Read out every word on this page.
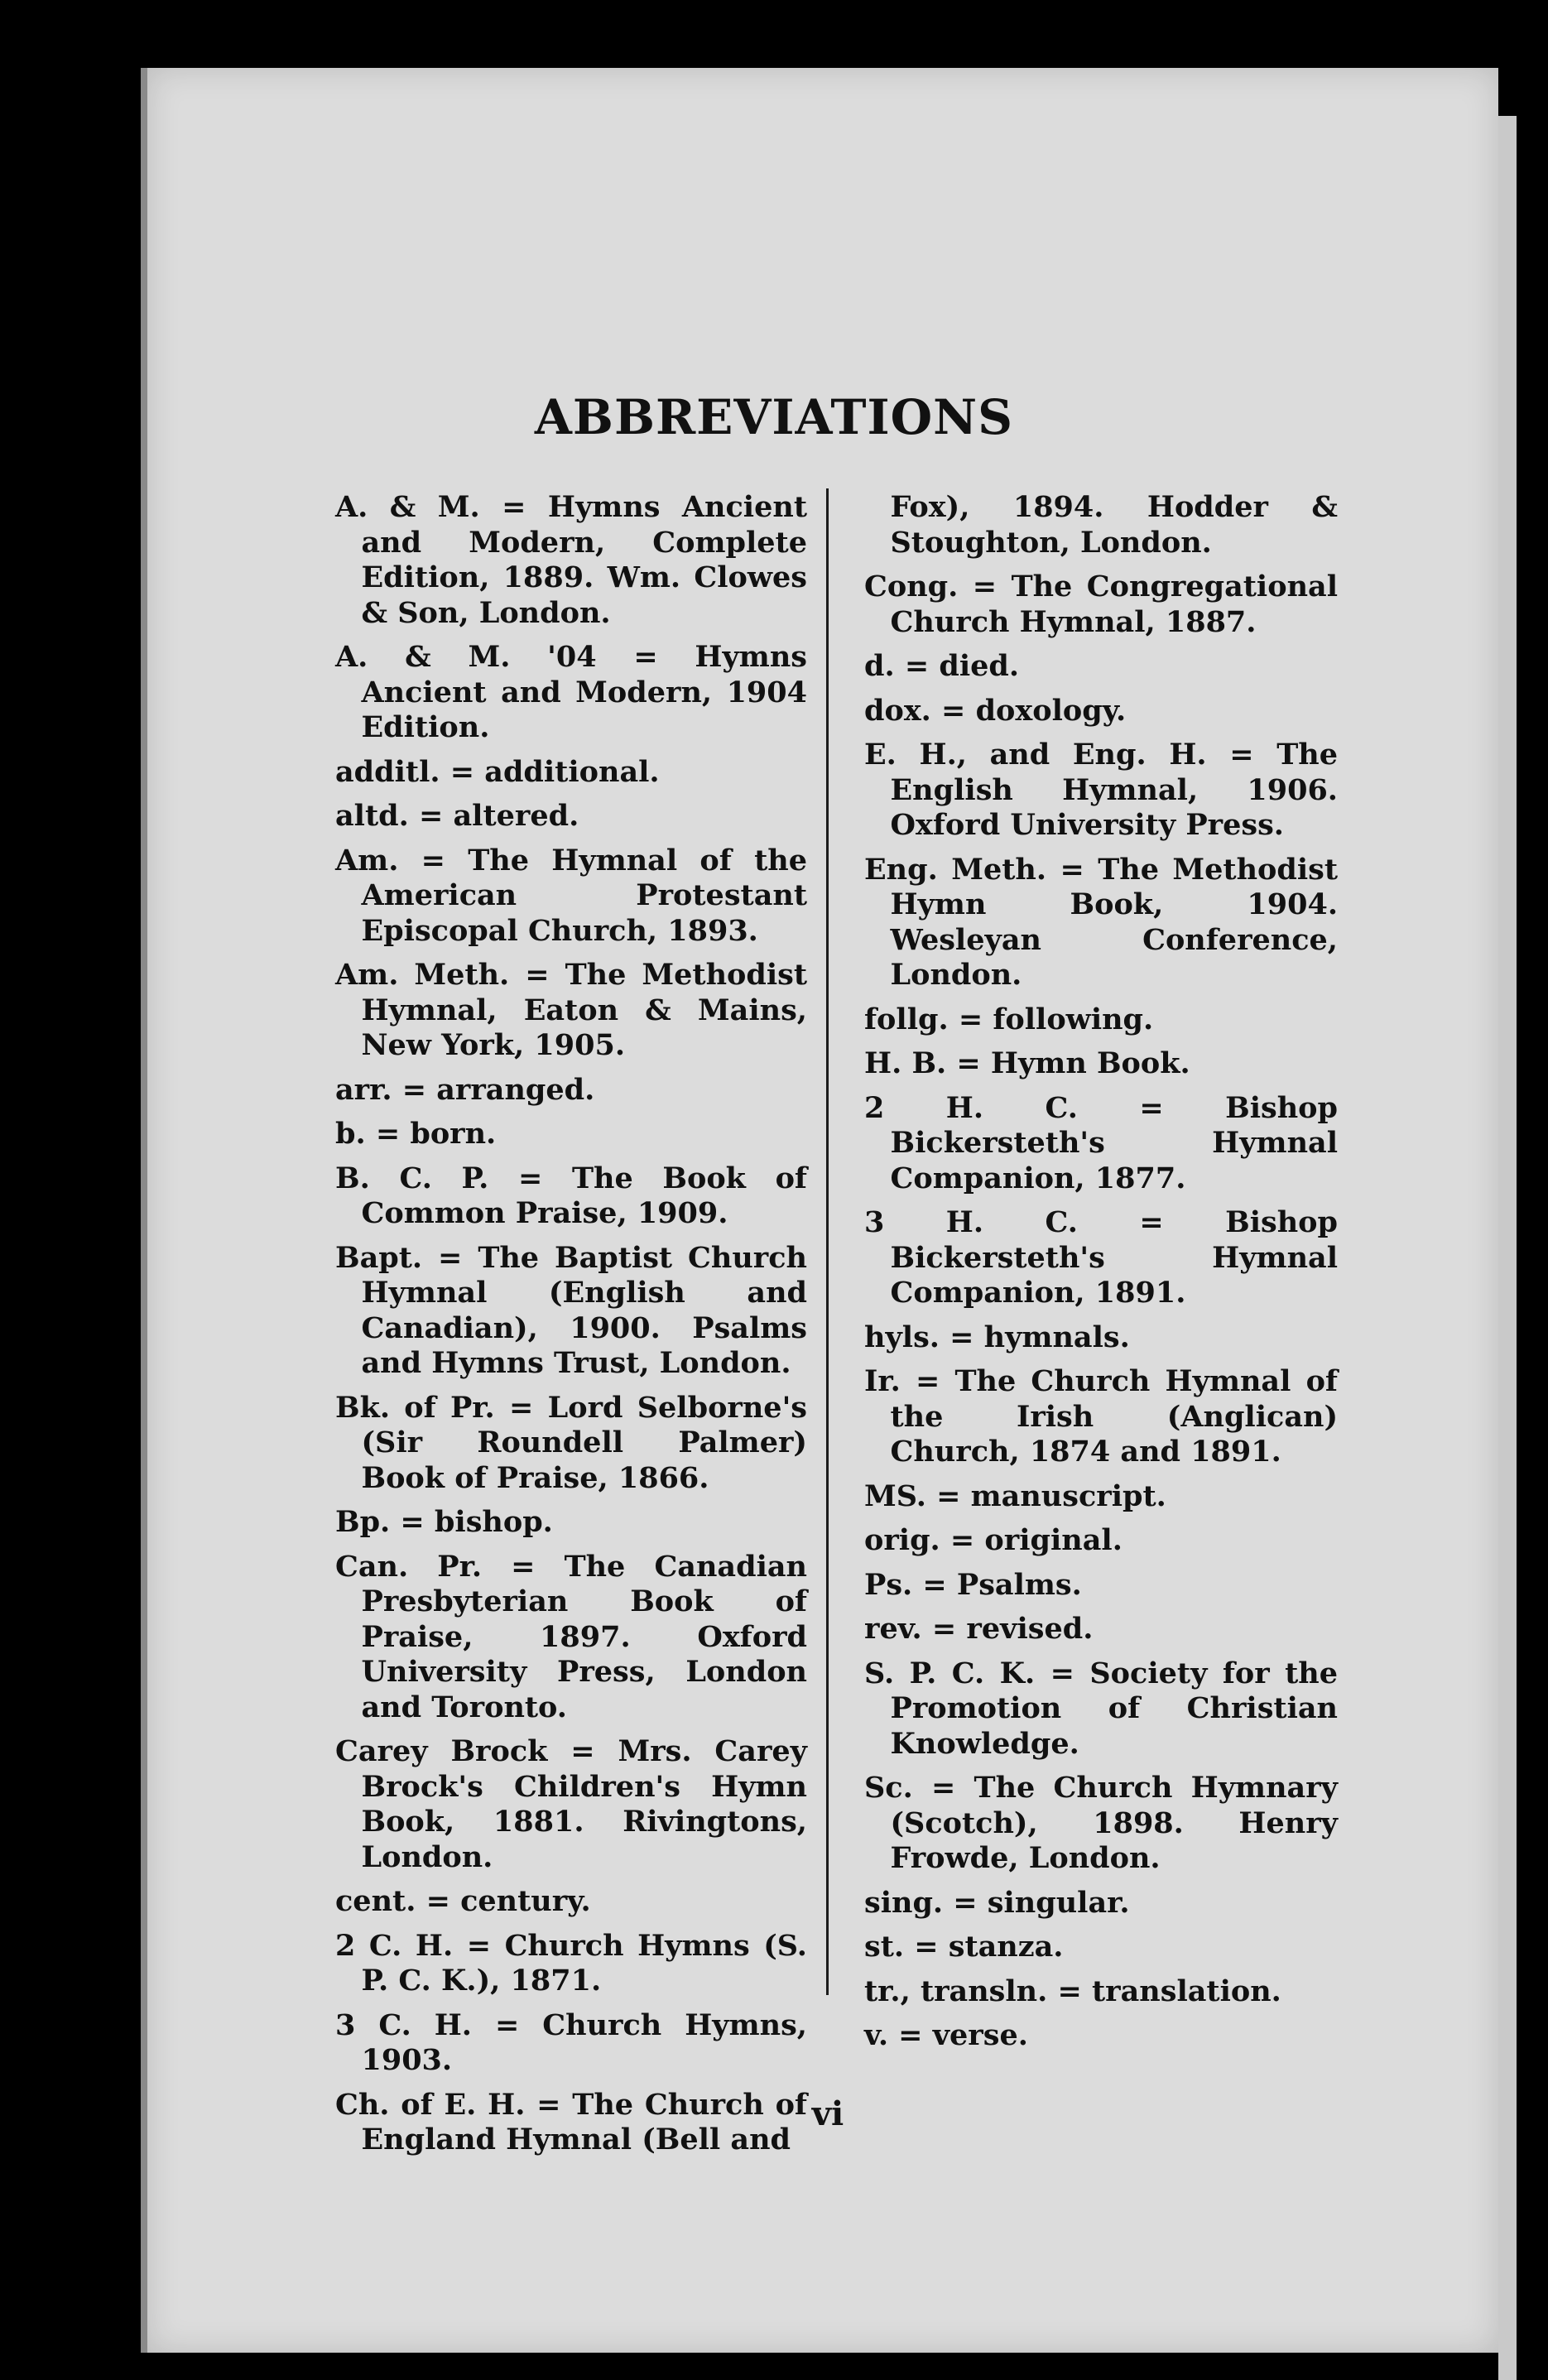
ABBREVIATIONS

A. & M. = Hymns Ancient and Modern, Complete Edition, 1889. Wm. Clowes & Son, London.

A. & M. '04 = Hymns Ancient and Modern, 1904 Edition.

additl. = additional.

altd. = altered.

Am. = The Hymnal of the American Protestant Episcopal Church, 1893.

Am. Meth. = The Methodist Hymnal, Eaton & Mains, New York, 1905.

arr. = arranged.

b. = born.

B. C. P. = The Book of Common Praise, 1909.

Bapt. = The Baptist Church Hymnal (English and Canadian), 1900. Psalms and Hymns Trust, London.

Bk. of Pr. = Lord Selborne's (Sir Roundell Palmer) Book of Praise, 1866.

Bp. = bishop.

Can. Pr. = The Canadian Presbyterian Book of Praise, 1897. Oxford University Press, London and Toronto.

Carey Brock = Mrs. Carey Brock's Children's Hymn Book, 1881. Rivingtons, London.

cent. = century.

2 C. H. = Church Hymns (S. P. C. K.), 1871.

3 C. H. = Church Hymns, 1903.

Ch. of E. H. = The Church of England Hymnal (Bell and

Fox), 1894. Hodder & Stoughton, London.

Cong. = The Congregational Church Hymnal, 1887.

d. = died.

dox. = doxology.

E. H., and Eng. H. = The English Hymnal, 1906. Oxford University Press.

Eng. Meth. = The Methodist Hymn Book, 1904. Wesleyan Conference, London.

follg. = following.

H. B. = Hymn Book.

2 H. C. = Bishop Bickersteth's Hymnal Companion, 1877.

3 H. C. = Bishop Bickersteth's Hymnal Companion, 1891.

hyls. = hymnals.

Ir. = The Church Hymnal of the Irish (Anglican) Church, 1874 and 1891.

MS. = manuscript.

orig. = original.

Ps. = Psalms.

rev. = revised.

S. P. C. K. = Society for the Promotion of Christian Knowledge.

Sc. = The Church Hymnary (Scotch), 1898. Henry Frowde, London.

sing. = singular.

st. = stanza.

tr., transln. = translation.

v. = verse.

vi
